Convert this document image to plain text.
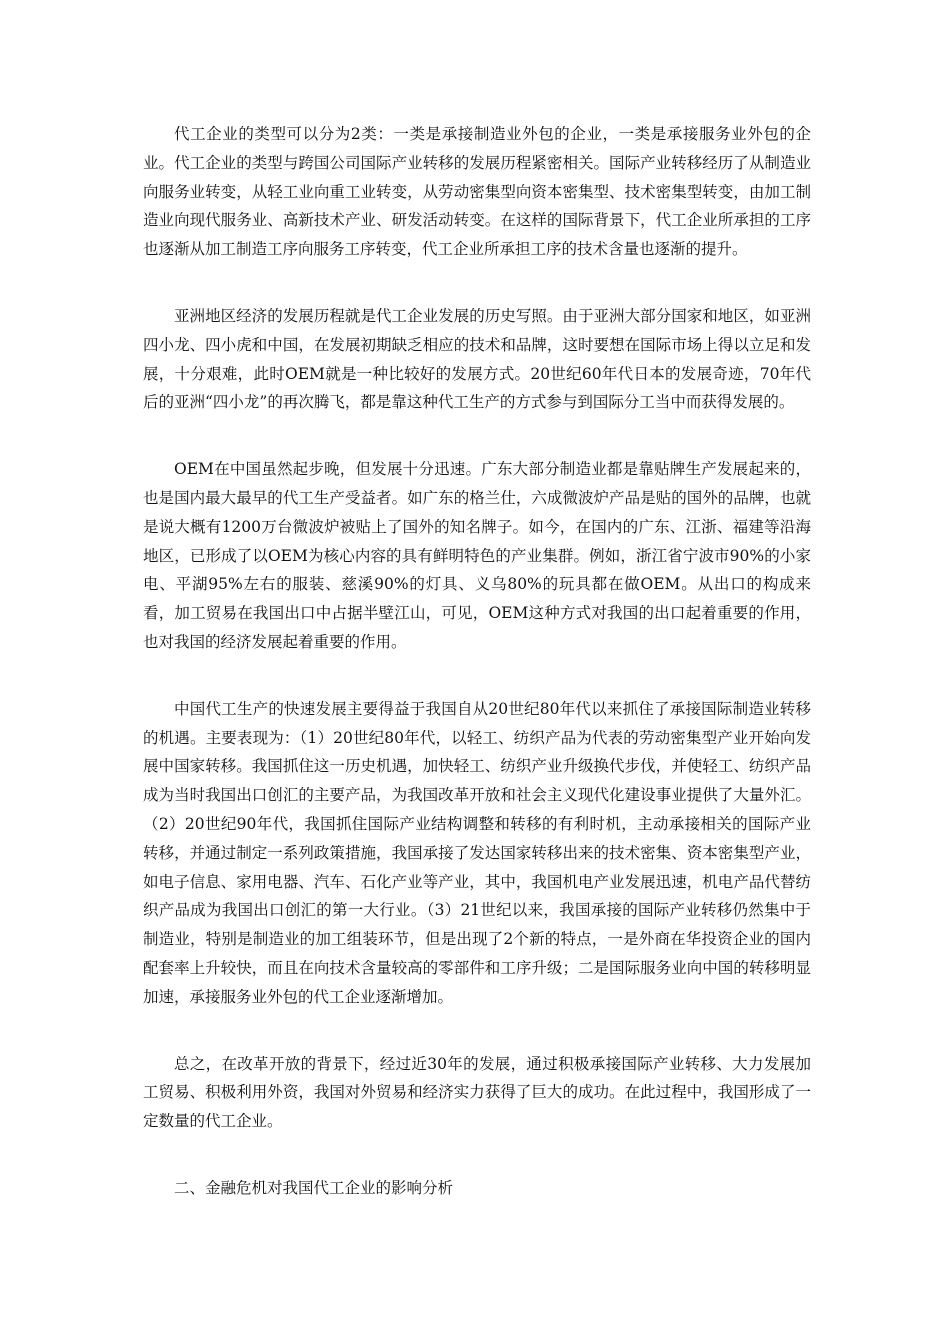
代工企业的类型可以分为2类：一类是承接制造业外包的企业，一类是承接服务业外包的企业。代工企业的类型与跨国公司国际产业转移的发展历程紧密相关。国际产业转移经历了从制造业向服务业转变，从轻工业向重工业转变，从劳动密集型向资本密集型、技术密集型转变，由加工制造业向现代服务业、高新技术产业、研发活动转变。在这样的国际背景下，代工企业所承担的工序也逐渐从加工制造工序向服务工序转变，代工企业所承担工序的技术含量也逐渐的提升。

亚洲地区经济的发展历程就是代工企业发展的历史写照。由于亚洲大部分国家和地区，如亚洲四小龙、四小虎和中国，在发展初期缺乏相应的技术和品牌，这时要想在国际市场上得以立足和发展，十分艰难，此时OEM就是一种比较好的发展方式。20世纪60年代日本的发展奇迹，70年代后的亚洲“四小龙”的再次腾飞，都是靠这种代工生产的方式参与到国际分工当中而获得发展的。

OEM在中国虽然起步晚，但发展十分迅速。广东大部分制造业都是靠贴牌生产发展起来的，也是国内最大最早的代工生产受益者。如广东的格兰仕，六成微波炉产品是贴的国外的品牌，也就是说大概有1200万台微波炉被贴上了国外的知名牌子。如今，在国内的广东、江浙、福建等沿海地区，已形成了以OEM为核心内容的具有鲜明特色的产业集群。例如，浙江省宁波市90%的小家电、平湖95%左右的服装、慈溪90%的灯具、义乌80%的玩具都在做OEM。从出口的构成来看，加工贸易在我国出口中占据半壁江山，可见，OEM这种方式对我国的出口起着重要的作用，也对我国的经济发展起着重要的作用。

中国代工生产的快速发展主要得益于我国自从20世纪80年代以来抓住了承接国际制造业转移的机遇。主要表现为：（1）20世纪80年代，以轻工、纺织产品为代表的劳动密集型产业开始向发展中国家转移。我国抓住这一历史机遇，加快轻工、纺织产业升级换代步伐，并使轻工、纺织产品成为当时我国出口创汇的主要产品，为我国改革开放和社会主义现代化建设事业提供了大量外汇。（2）20世纪90年代，我国抓住国际产业结构调整和转移的有利时机，主动承接相关的国际产业转移，并通过制定一系列政策措施，我国承接了发达国家转移出来的技术密集、资本密集型产业，如电子信息、家用电器、汽车、石化产业等产业，其中，我国机电产业发展迅速，机电产品代替纺织产品成为我国出口创汇的第一大行业。（3）21世纪以来，我国承接的国际产业转移仍然集中于制造业，特别是制造业的加工组装环节，但是出现了2个新的特点，一是外商在华投资企业的国内配套率上升较快，而且在向技术含量较高的零部件和工序升级；二是国际服务业向中国的转移明显加速，承接服务业外包的代工企业逐渐增加。

总之，在改革开放的背景下，经过近30年的发展，通过积极承接国际产业转移、大力发展加工贸易、积极利用外资，我国对外贸易和经济实力获得了巨大的成功。在此过程中，我国形成了一定数量的代工企业。

二、金融危机对我国代工企业的影响分析
